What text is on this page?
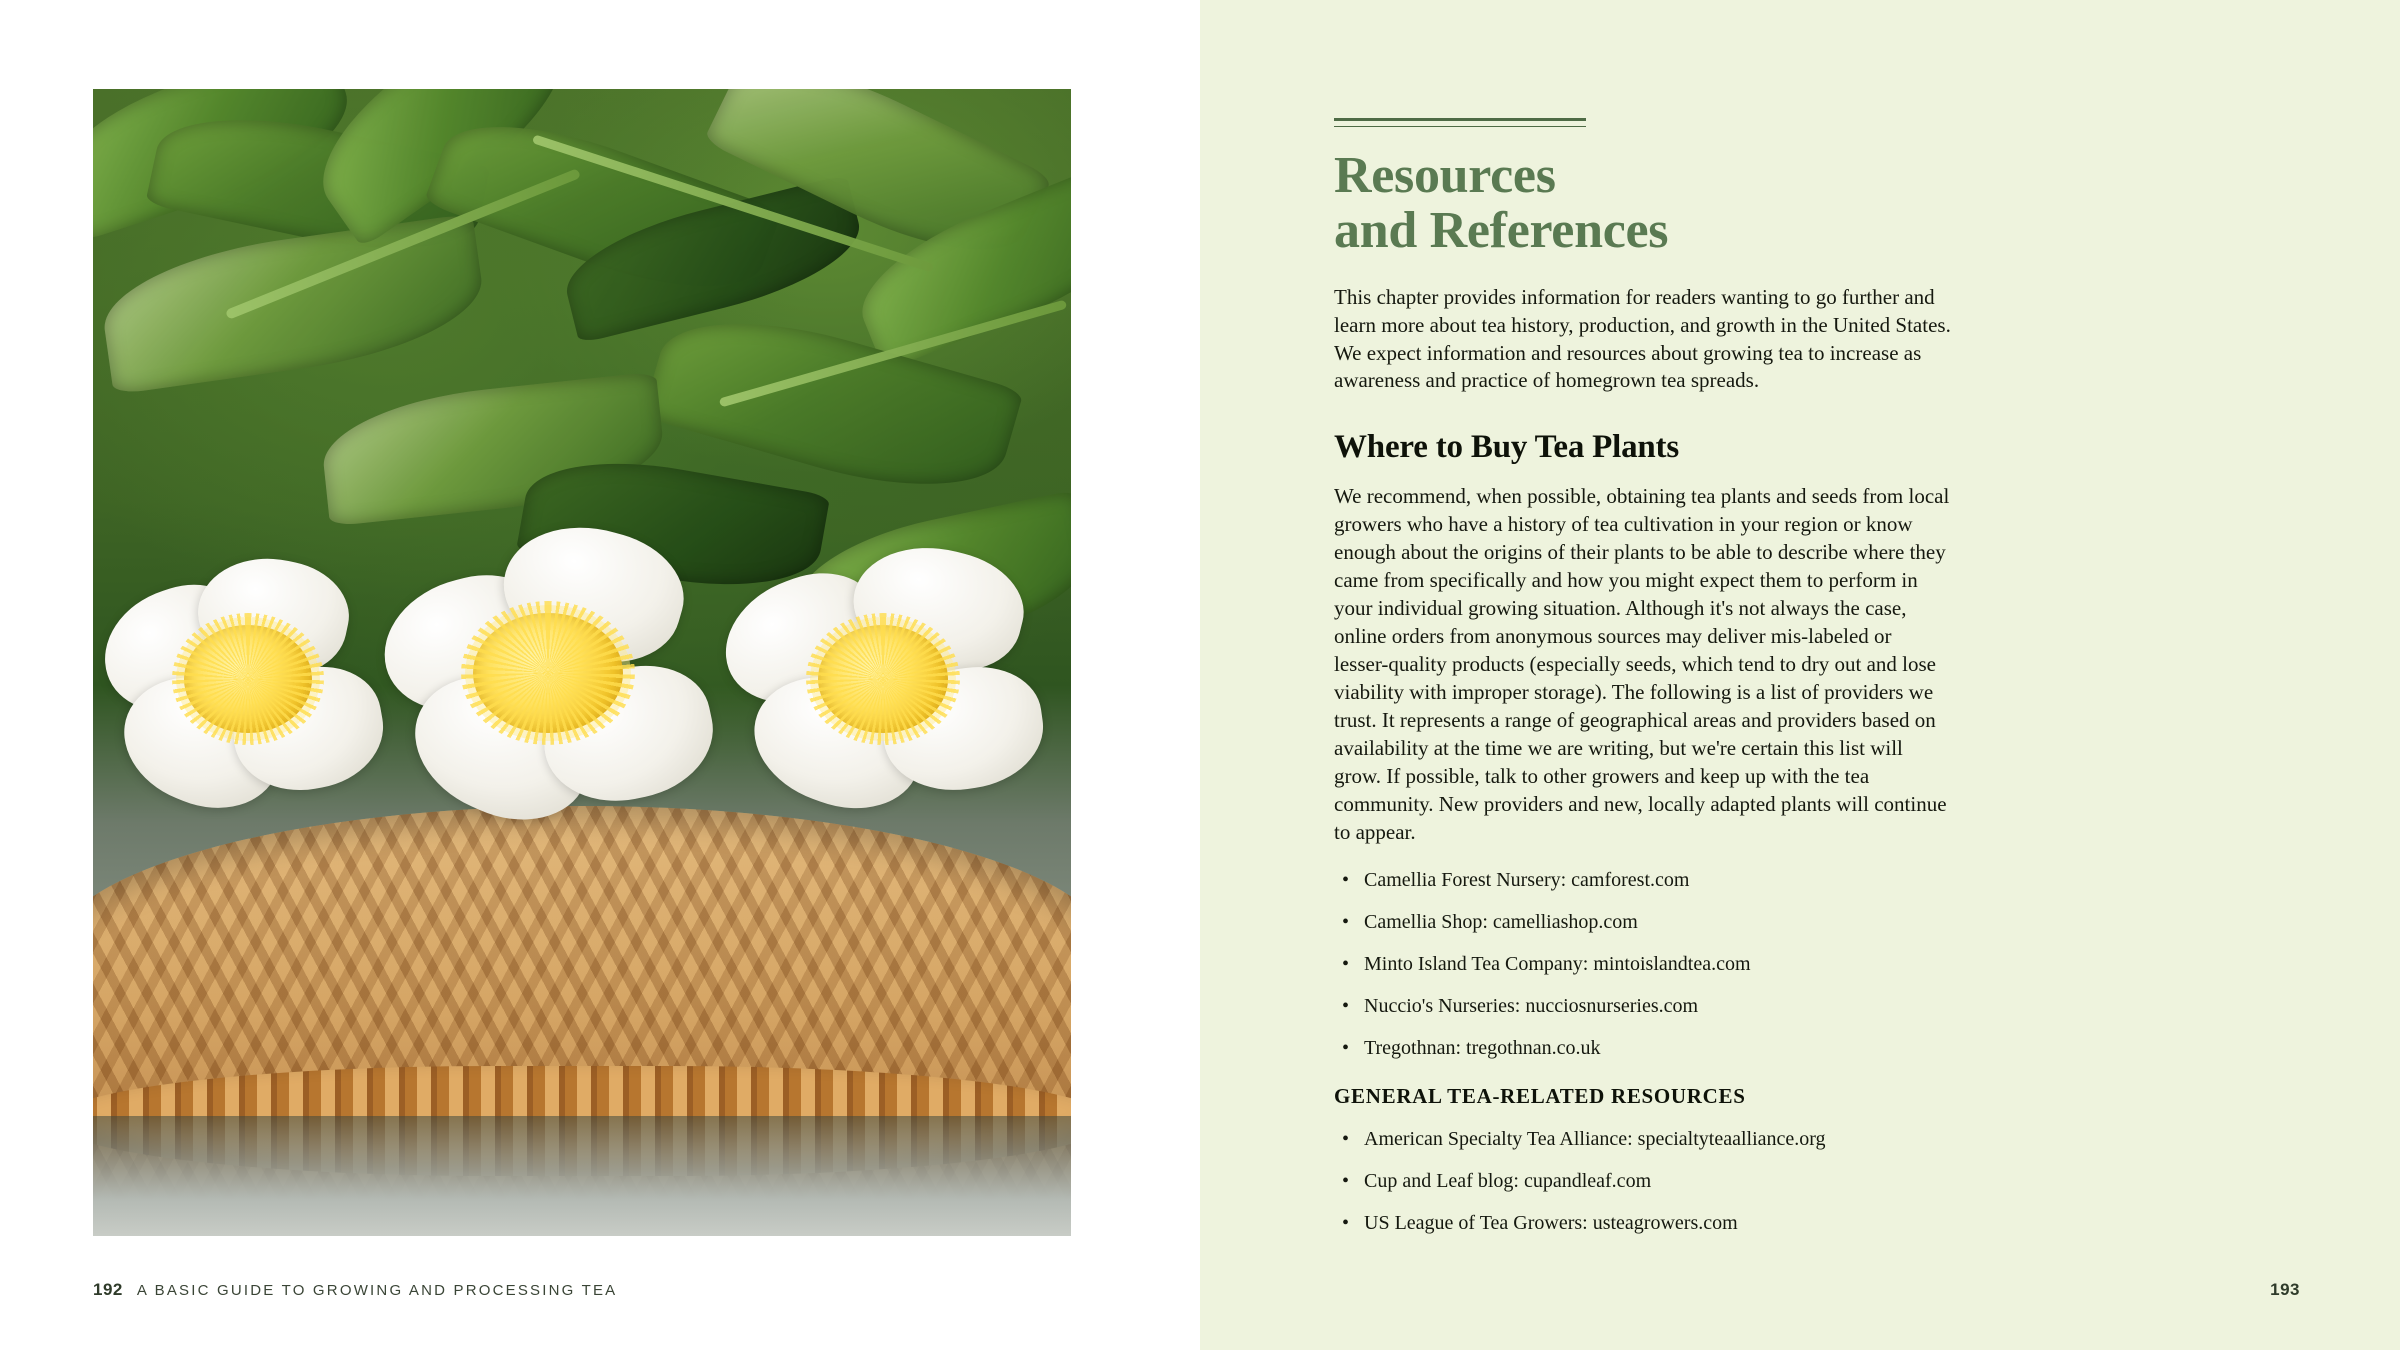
192 A BASIC GUIDE TO GROWING AND PROCESSING TEA
Resources
and References

This chapter provides information for readers wanting to go further and learn more about tea history, production, and growth in the United States. We expect information and resources about growing tea to increase as awareness and practice of homegrown tea spreads.

Where to Buy Tea Plants

We recommend, when possible, obtaining tea plants and seeds from local growers who have a history of tea cultivation in your region or know enough about the origins of their plants to be able to describe where they came from specifically and how you might expect them to perform in your individual growing situation. Although it's not always the case, online orders from anonymous sources may deliver mis-labeled or lesser-quality products (especially seeds, which tend to dry out and lose viability with improper storage). The following is a list of providers we trust. It represents a range of geographical areas and providers based on availability at the time we are writing, but we're certain this list will grow. If possible, talk to other growers and keep up with the tea community. New providers and new, locally adapted plants will continue to appear.

• Camellia Forest Nursery: camforest.com
• Camellia Shop: camelliashop.com
• Minto Island Tea Company: mintoislandtea.com
• Nuccio's Nurseries: nucciosnurseries.com
• Tregothnan: tregothnan.co.uk
GENERAL TEA-RELATED RESOURCES
• American Specialty Tea Alliance: specialtyteaalliance.org
• Cup and Leaf blog: cupandleaf.com
• US League of Tea Growers: usteagrowers.com
193
